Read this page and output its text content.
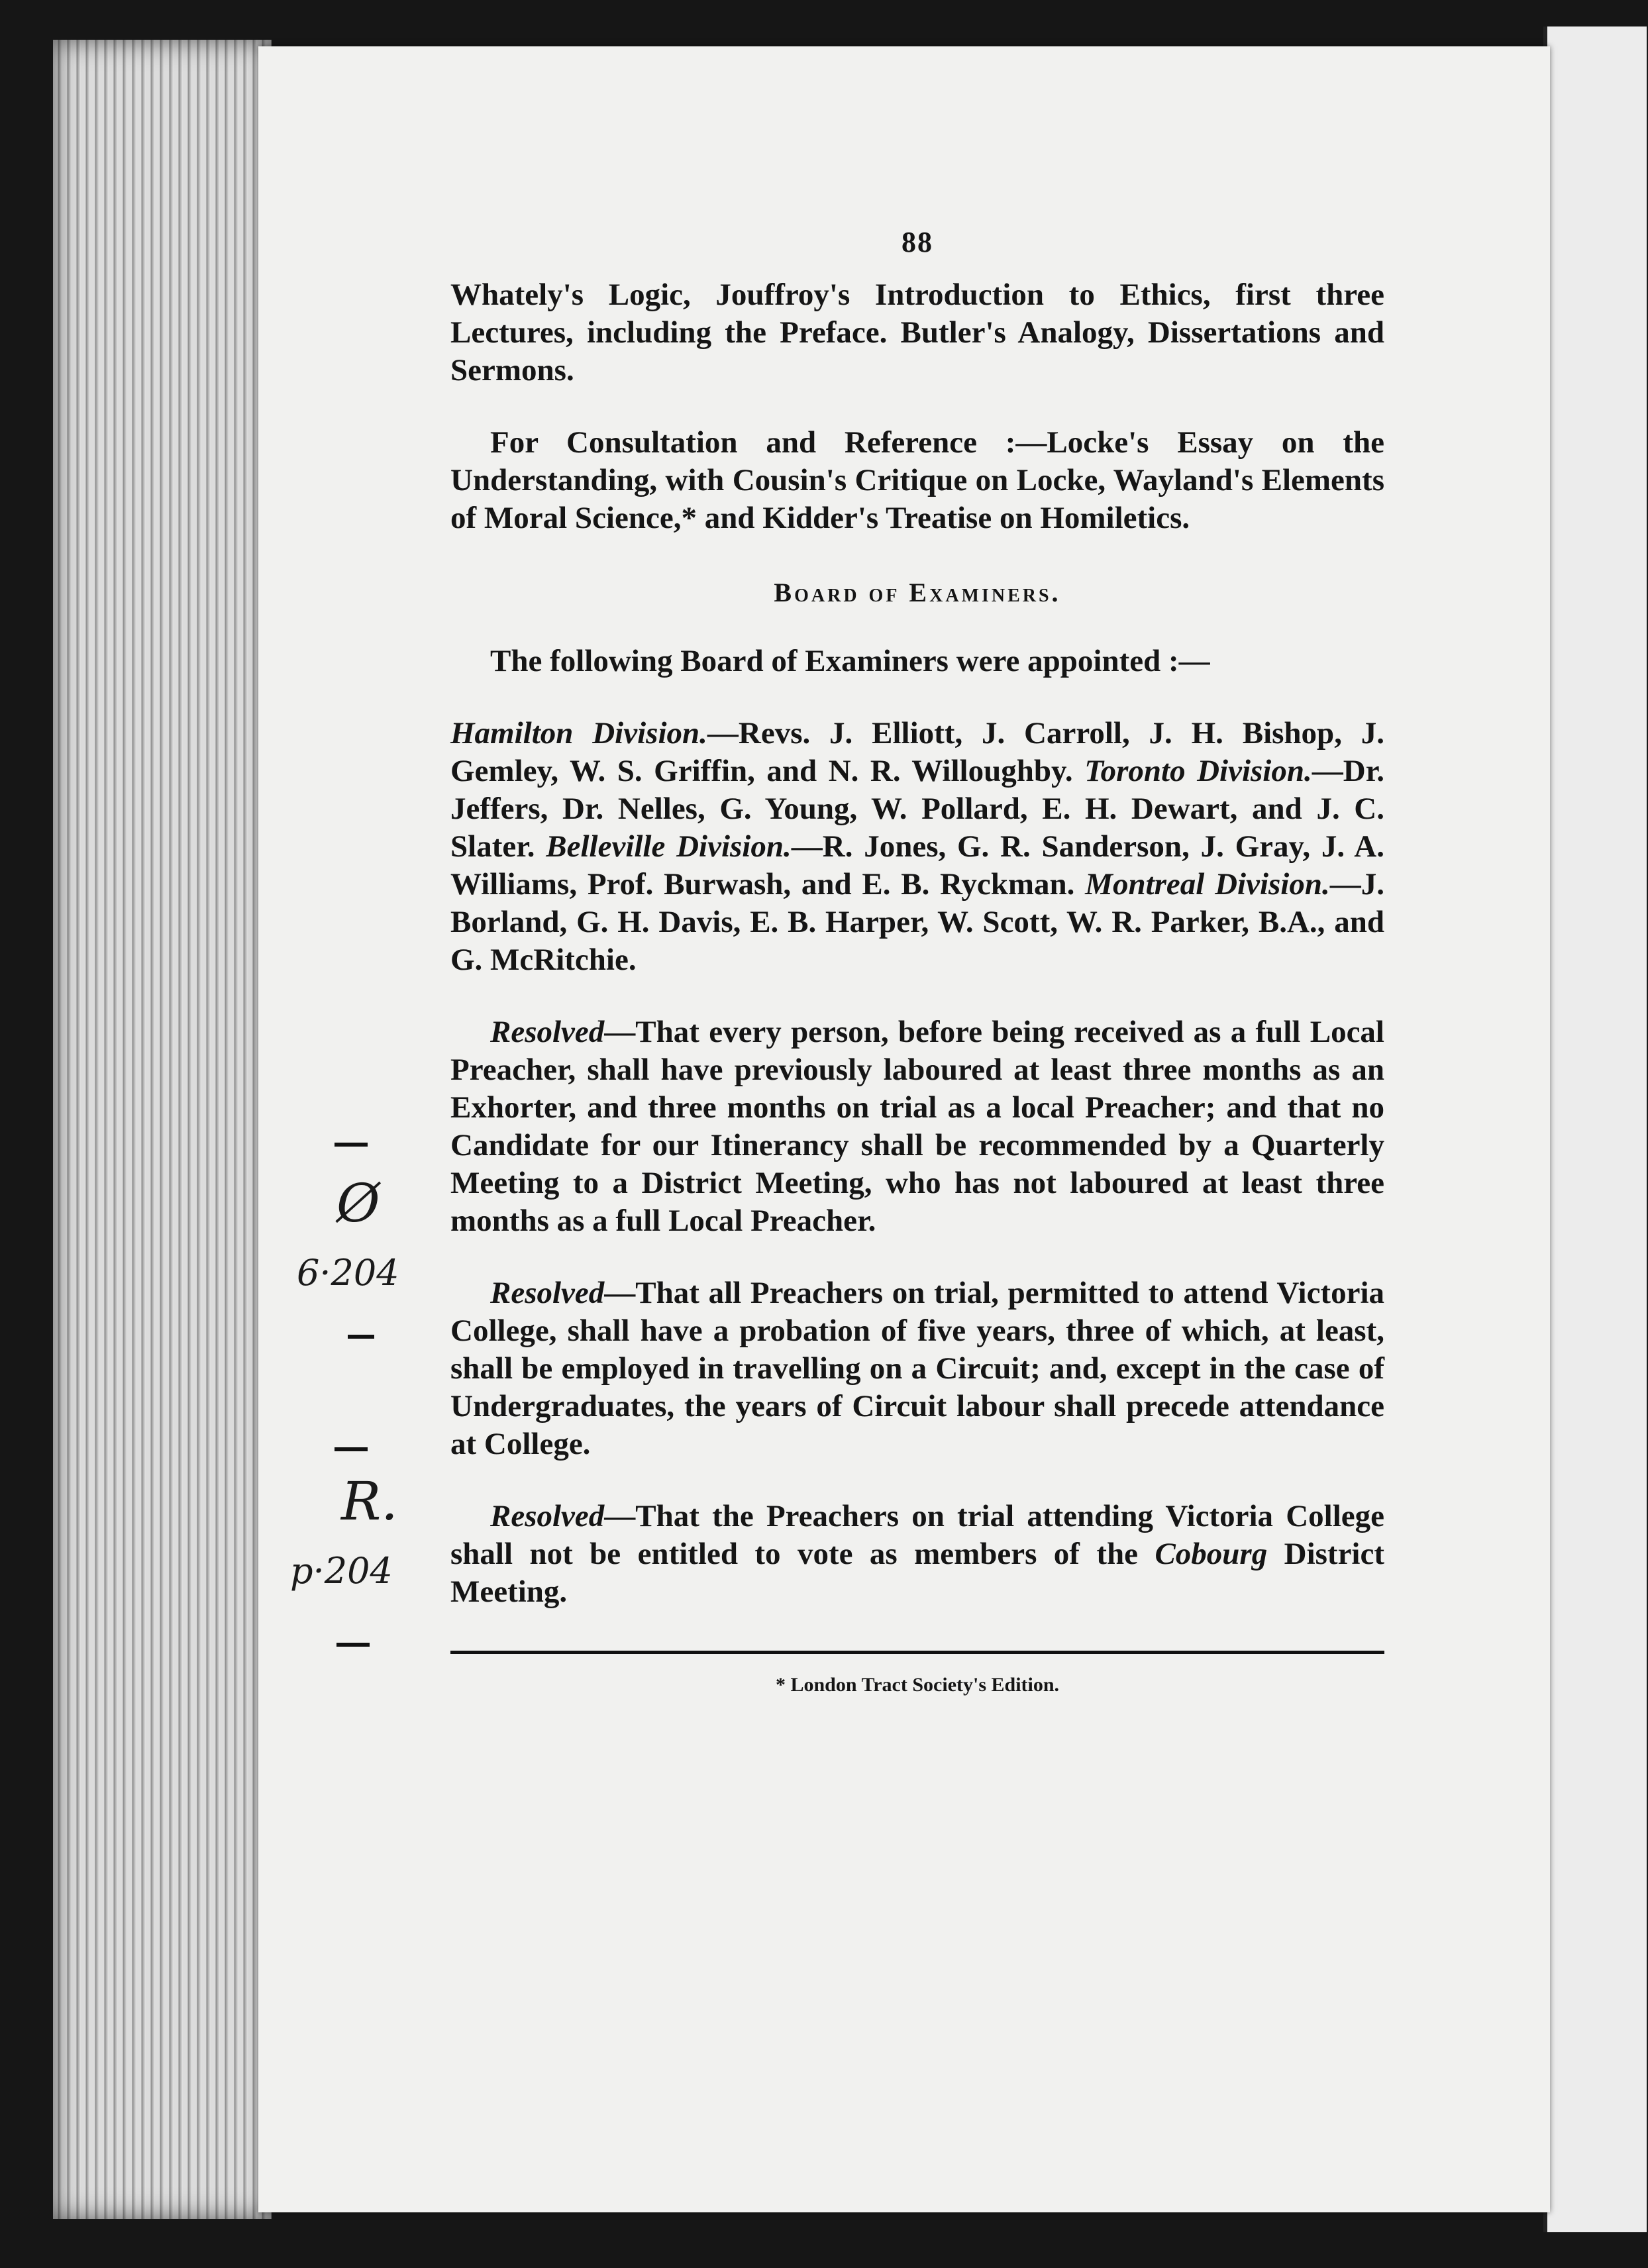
Ø
6·204
R.
p·204
88

Whately's Logic, Jouffroy's Introduction to Ethics, first three Lectures, including the Preface. Butler's Analogy, Dissertations and Sermons.

For Consultation and Reference :—Locke's Essay on the Understanding, with Cousin's Critique on Locke, Wayland's Elements of Moral Science,* and Kidder's Treatise on Homiletics.

Board of Examiners.

The following Board of Examiners were appointed :—

Hamilton Division.—Revs. J. Elliott, J. Carroll, J. H. Bishop, J. Gemley, W. S. Griffin, and N. R. Willoughby. Toronto Division.—Dr. Jeffers, Dr. Nelles, G. Young, W. Pollard, E. H. Dewart, and J. C. Slater. Belleville Division.—R. Jones, G. R. Sanderson, J. Gray, J. A. Williams, Prof. Burwash, and E. B. Ryckman. Montreal Division.—J. Borland, G. H. Davis, E. B. Harper, W. Scott, W. R. Parker, B.A., and G. McRitchie.

Resolved—That every person, before being received as a full Local Preacher, shall have previously laboured at least three months as an Exhorter, and three months on trial as a local Preacher; and that no Candidate for our Itinerancy shall be recommended by a Quarterly Meeting to a District Meeting, who has not laboured at least three months as a full Local Preacher.

Resolved—That all Preachers on trial, permitted to attend Victoria College, shall have a probation of five years, three of which, at least, shall be employed in travelling on a Circuit; and, except in the case of Undergraduates, the years of Circuit labour shall precede attendance at College.

Resolved—That the Preachers on trial attending Victoria College shall not be entitled to vote as members of the Cobourg District Meeting.

* London Tract Society's Edition.
